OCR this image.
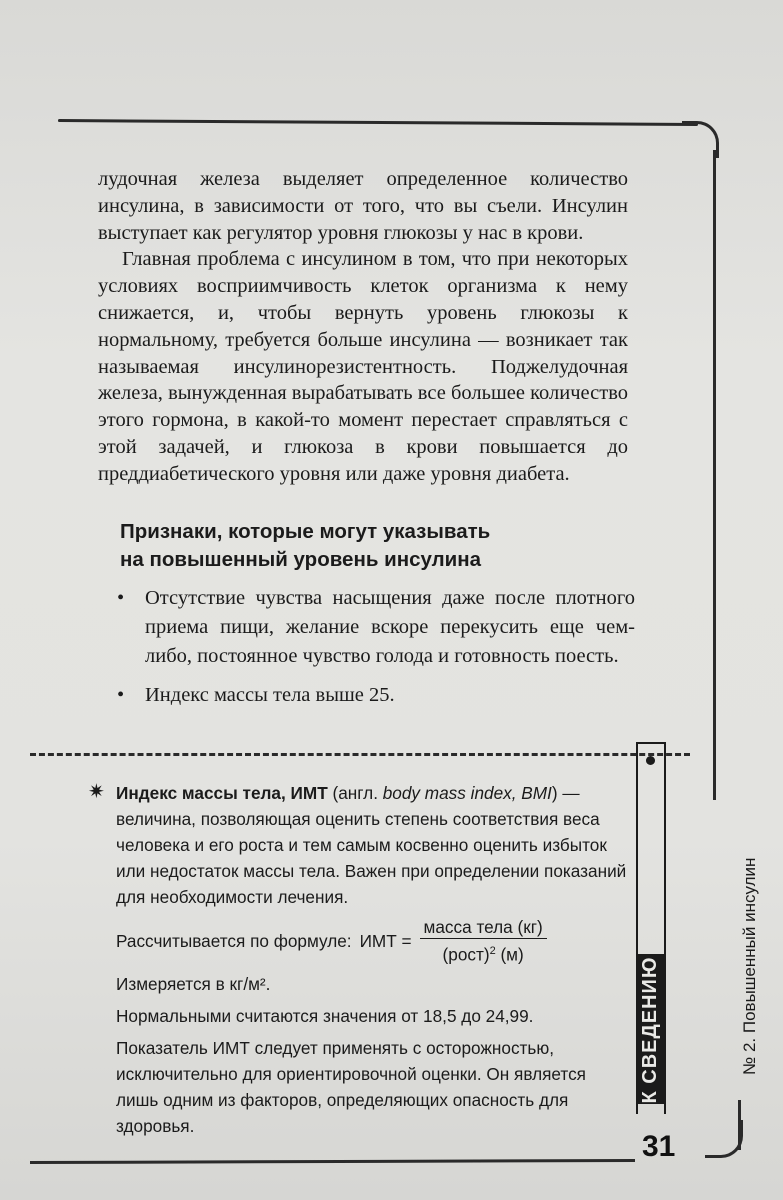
лудочная железа выделяет определенное количество инсулина, в зависимости от того, что вы съели. Инсулин выступает как регулятор уровня глюкозы у нас в крови.

Главная проблема с инсулином в том, что при некоторых условиях восприимчивость клеток организма к нему снижается, и, чтобы вернуть уровень глюкозы к нормальному, требуется больше инсулина — возникает так называемая инсулинорезистентность. Поджелудочная железа, вынужденная вырабатывать все большее количество этого гормона, в какой-то момент перестает справляться с этой задачей, и глюкоза в крови повышается до преддиабетического уровня или даже уровня диабета.

Признаки, которые могут указывать
на повышенный уровень инсулина
• Отсутствие чувства насыщения даже после плотного приема пищи, желание вскоре перекусить еще чем- либо, постоянное чувство голода и готовность поесть.
• Индекс массы тела выше 25.
✷ Индекс массы тела, ИМТ (англ. body mass index, BMI) — величина, позволяющая оценить степень соответствия веса человека и его роста и тем самым косвенно оценить избыток или недостаток массы тела. Важен при определении показаний для необходимости лечения.

Рассчитывается по формуле: ИМТ = $\frac{\text{масса тела (кг)}}{(рост)^2 (м)}$

Измеряется в кг/м².

Нормальными считаются значения от 18,5 до 24,99.

Показатель ИМТ следует применять с осторожностью, исключительно для ориентировочной оценки. Он является лишь одним из факторов, определяющих опасность для здоровья.

К СВЕДЕНИЮ	№ 2. Повышенный инсулин
31
